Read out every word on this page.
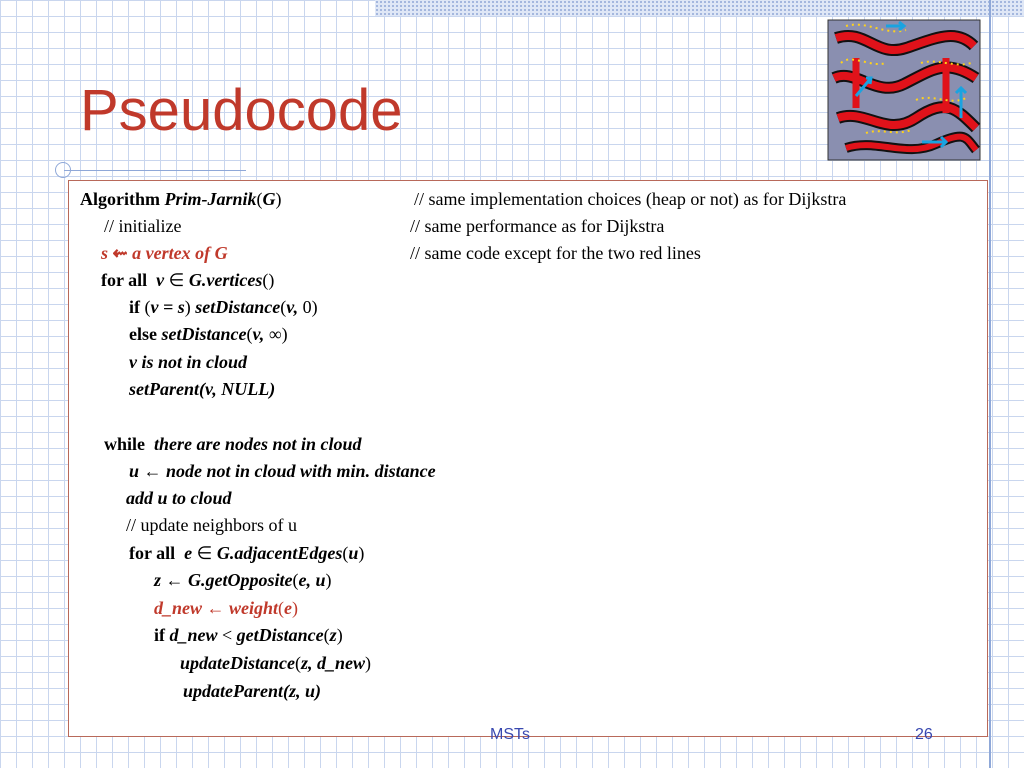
Pseudocode
Algorithm Prim-Jarnik(G)	// same implementation choices (heap or not) as for Dijkstra
// initialize	// same performance as for Dijkstra
s ⇜ a vertex of G	// same code except for the two red lines
for all  v ∈ G.vertices()
if (v = s) setDistance(v, 0)
else setDistance(v, ∞)
v is not in cloud
setParent(v, NULL)
while  there are nodes not in cloud
u ← node not in cloud with min. distance
add u to cloud
// update neighbors of u
for all  e ∈ G.adjacentEdges(u)
z ← G.getOpposite(e, u)
d_new ← weight(e)
if d_new < getDistance(z)
updateDistance(z, d_new)
updateParent(z, u)
MSTs	26
